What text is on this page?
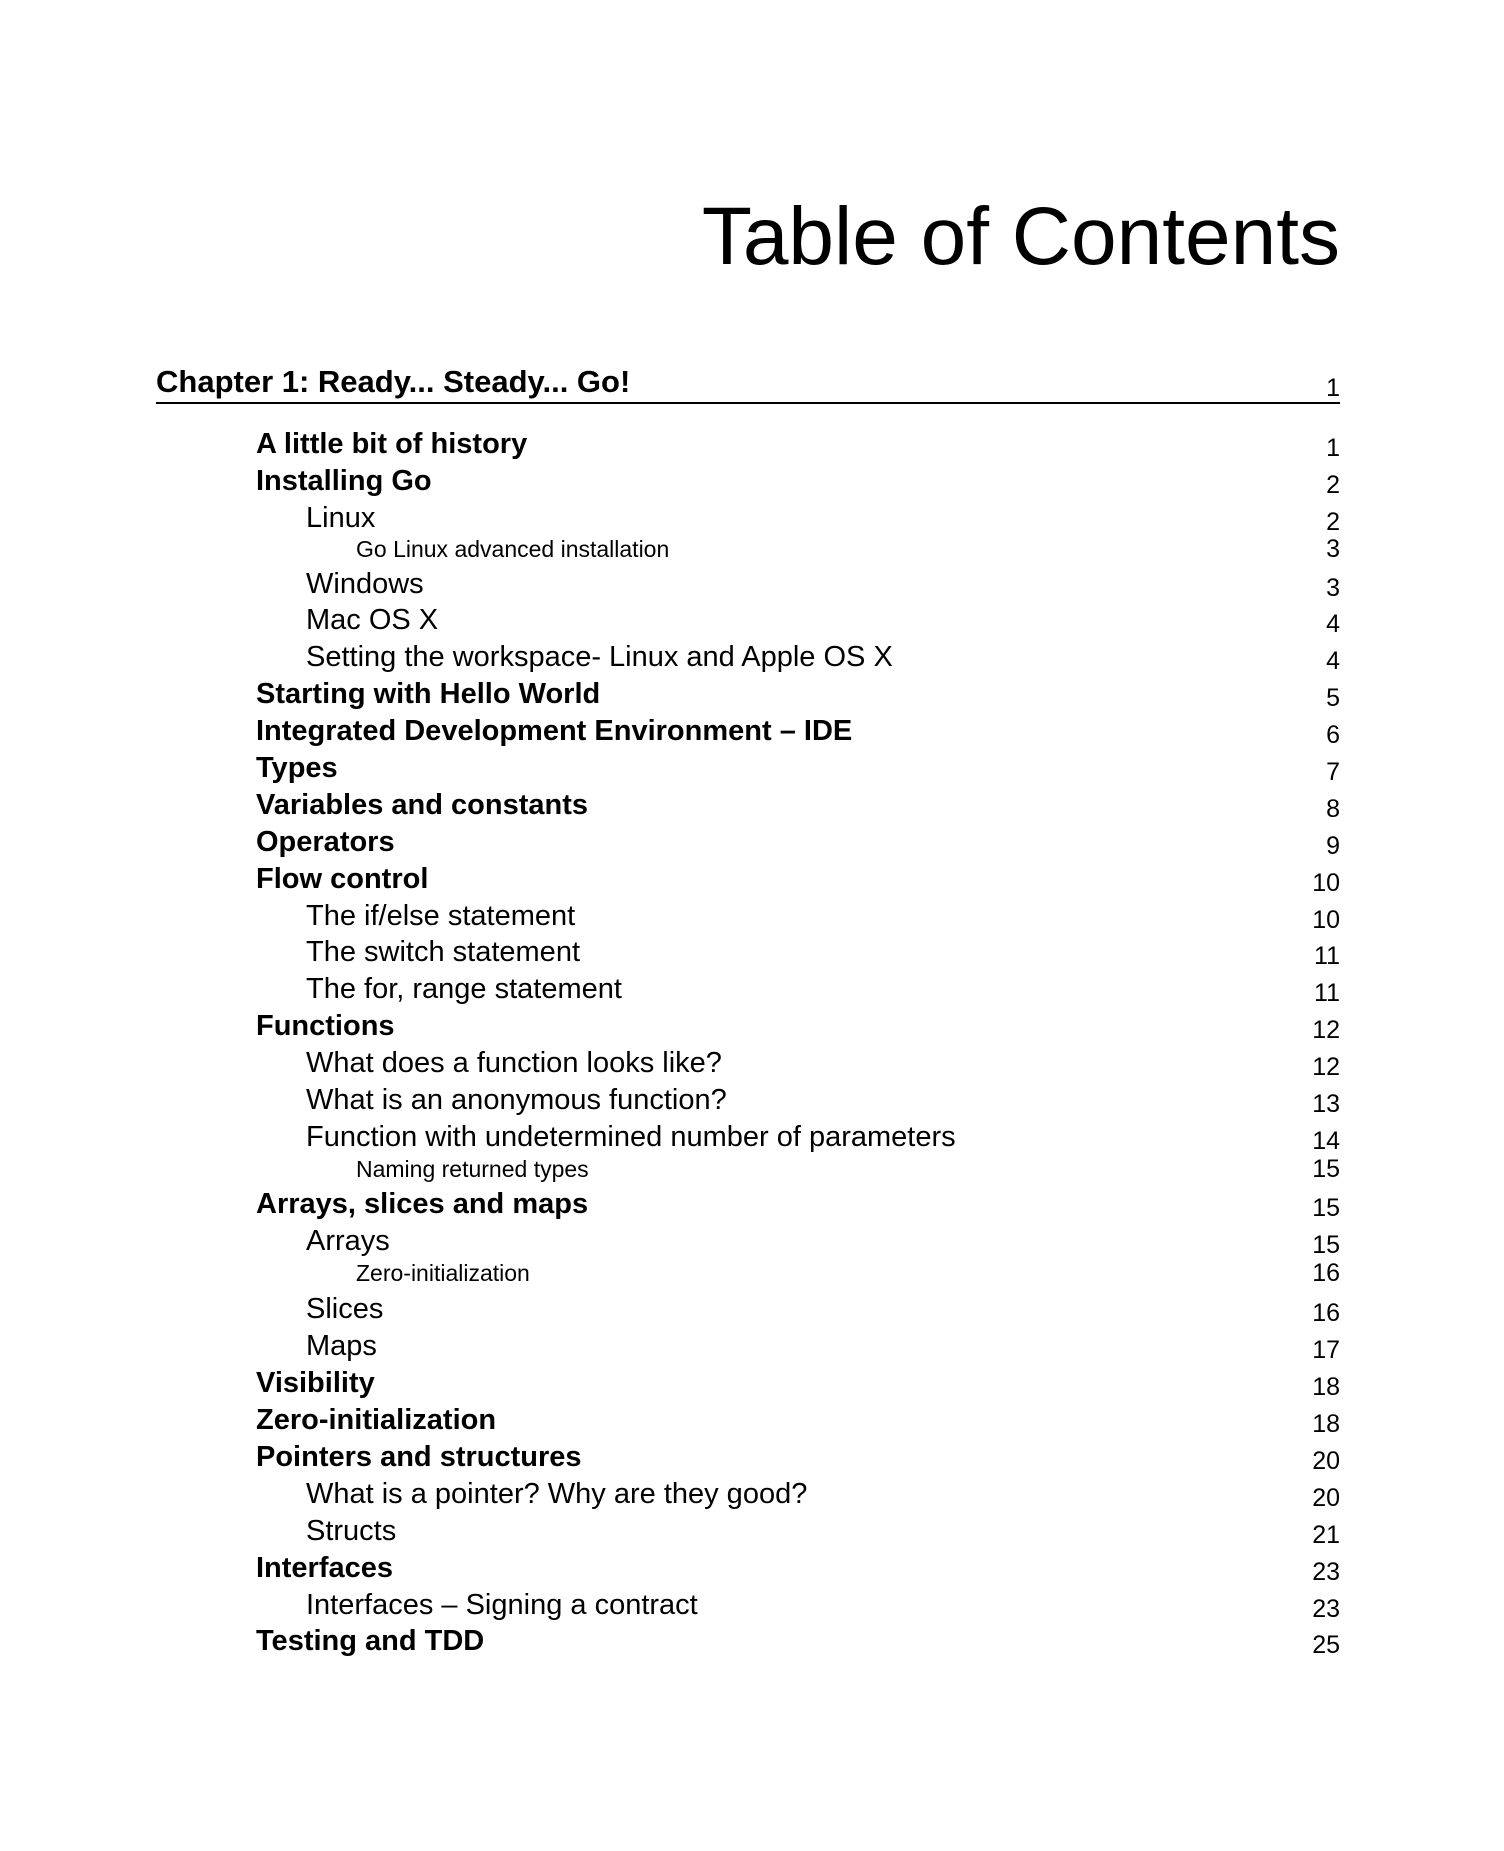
Table of Contents
Chapter 1: Ready... Steady... Go!	1
A little bit of history	1
Installing Go	2
Linux	2
Go Linux advanced installation	3
Windows	3
Mac OS X	4
Setting the workspace- Linux and Apple OS X	4
Starting with Hello World	5
Integrated Development Environment – IDE	6
Types	7
Variables and constants	8
Operators	9
Flow control	10
The if/else statement	10
The switch statement	11
The for, range statement	11
Functions	12
What does a function looks like?	12
What is an anonymous function?	13
Function with undetermined number of parameters	14
Naming returned types	15
Arrays, slices and maps	15
Arrays	15
Zero-initialization	16
Slices	16
Maps	17
Visibility	18
Zero-initialization	18
Pointers and structures	20
What is a pointer? Why are they good?	20
Structs	21
Interfaces	23
Interfaces – Signing a contract	23
Testing and TDD	25
